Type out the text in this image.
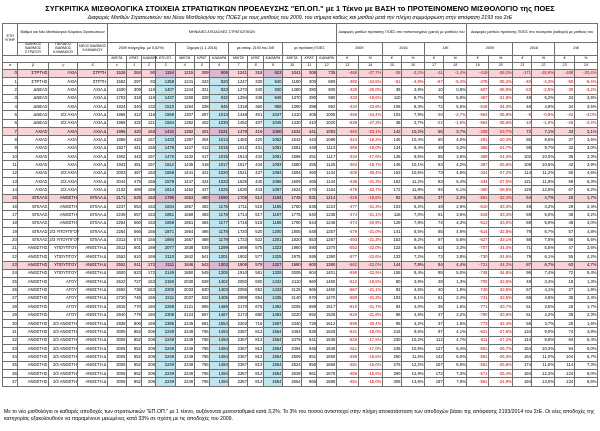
ΣΥΓΚΡΙΤΙΚΑ ΜΙΣΘΟΛΟΓΙΚΑ ΣΤΟΙΧΕΙΑ ΣΤΡΑΤΙΩΤΙΚΩΝ ΠΡΟΕΛΕΥΣΗΣ "ΕΠ.ΟΠ." με 1 Τέκνο με ΒΑΣΗ το ΠΡΟΤΕΙΝΟΜΕΝΟ ΜΙΣΘΟΛΟΓΙΟ της ΠΟΕΣ
Διαφορές Μισθών Στρατιωτικών του Νέου Μισθολογίου της ΠΟΕΣ με τους μισθούς του 2009, του σήμερα καθώς και μισθού μετά την πλήρη συμμόρφωση στην απόφαση 2193 του ΣτΕ
ΕΤΗ ΥΠΗΡ.	Βαθμοί και Νέο Μισθολογικό Κλιμάκιο Στρατιωτικών			ΜΗΝΙΑΙΕΣ ΑΠΟΔΟΧΕΣ ΣΤΡΑΤΙΩΤΙΚΩΝ													Διαφορές μισθών πρότασης ΠΟΕΣ στο πιστοποιημένο (μικτό) με μισθούς του						Διαφορές μισθών πρότασης ΠΟΕΣ στο πλοσμάτο (καθαρό) με μισθούς του					
	ΔΙΑΘΚΟΣ ΒΑΘΜΟΣ ΣΤΡΑΤΟΥ	ΠΑΛΑΙΟΣ ΒΑΘΜΟΣ ΚΛΙΜΑΚΙΟΥ	ΝΕΟΣ ΒΑΘΜΟΣ ΚΛΙΜΑΚΙΟΥ	2009 πλήρη(Ισμ. με 5,52%)				Σήμερα (1.1.2016)			με απόφ. 2193 του ΣτΕ			με πρόταση ΠΟΕΣ			2009		2016		ΣτΕ		2009		2016		ΣτΕ	
				ΜΙΚΤΑ	ΚΡΑΤ.	ΚΑΘΑΡΑ	ΕΠ.ΟΠ.	ΜΙΚΤΑ	ΚΡΑΤ.	ΚΑΘΑΡΑ	ΜΙΚΤΑ	ΚΡΑΤ.	ΚΑΘΑΡΑ	ΜΙΚΤΑ	ΚΡΑΤ.	ΚΑΘΑΡΑ	€	%	€	%	€	%	€	%	€	%	€	%
α	β	γ	δ	ε	1	2	3	4	5	6	7	8	9	10	11	12	13	14	15	16	17	18	19	20	21	22	23	24
0	ΣΤΡΤΗΣ	ΛΧΙΑ	ΣΤΡΤΗ	1526	284	90	1154	1215	309	906	1241	318	923	1041	306	735	-485	-27,7%	-25	-3,2%	-11	-1,4%	-419	-36,2%	-171	-18,9%	-188	-20,4%
1	ΣΤΡΤΗΣ	ΛΧΙΑ	ΣΤΡΤΗ	1562	297	93	1358	1241	323	920	1247	330	940	1180	300	880	-382	-24,5%	-61	-4,9%	-67	-5,4%	-478	-35,2%	-40	-4,3%	-60	-6,4%
2	ΔΝΕΑΣ	ΛΧΙΑ	ΛΧΙΑ Δ	1600	309	116	1407	1244	321	923	1270	340	930	1280	380	900	-320	-20,0%	36	2,9%	10	0,8%	-507	-36,0%	-23	-2,5%	-30	-3,2%
3	ΔΝΕΑΣ	ΛΧΙΑ	ΛΧΙΑ Δ	1703	318	116	1437	1260	328	932	1294	348	946	1370	390	980	-333	-19,6%	110	8,7%	76	5,9%	-457	-31,8%	48	5,2%	34	3,6%
4	ΔΝΕΑΣ	ΛΧΙΑ	ΛΧΙΑ Δ	1824	340	132	1510	1284	338	946	1318	360	958	1390	398	992	-434	-23,8%	106	8,3%	72	5,5%	-518	-34,3%	46	4,9%	34	3,5%
5	ΔΝΕΑΣ	2/3 ΑΧΙΑ	ΛΧΙΑ Δ	1866	412	116	1569	1307	397	1013	1448	401	1047	1410	405	1005	-456	-24,4%	103	7,9%	-38	-2,7%	-564	-35,9%	-8	-0,8%	-42	-4,0%
6	ΔΝΕΑΣ	2/3 ΑΧΙΑ	ΛΧΙΑ Δ	1968	432	121	1584	1392	402	1030	1452	407	1045	1430	410	1020	-538	-27,3%	38	2,7%	-22	-1,5%	-564	-35,6%	-10	-1,0%	-25	-2,4%
7	ΛΧΙΑΣ	ΛΧΙΑ	ΛΧΙΑ Δ	1996	420	163	1432	1392	401	1021	1479	419	1060	1534	441	1093	-462	-23,1%	142	10,2%	55	3,7%	-339	-23,7%	72	7,1%	33	3,1%
8	ΛΧΙΑΣ	ΑΧΙΑ	ΛΧΙΑ Δ	1886	433	167	1433	1397	404	1013	1482	420	1062	1542	443	1099	-344	-18,2%	145	10,4%	60	4,0%	-291	-20,3%	86	8,5%	37	3,5%
9	ΛΧΙΑΣ	ΑΧΙΑ	ΛΧΙΑ Δ	1927	441	155	1479	1427	412	1015	1512	431	1081	1561	448	1113	-366	-19,0%	134	9,4%	49	3,2%	-366	-24,7%	98	9,7%	32	3,0%
10	ΛΧΙΑΣ	ΑΧΙΑ	ΛΧΙΑ Δ	1902	443	157	1476	1432	417	1015	1513	432	1081	1568	451	1117	-334	-17,6%	136	9,5%	55	3,6%	-359	-24,3%	102	10,0%	36	3,3%
11	ΛΧΙΑΣ	ΑΧΙΑ	ΛΧΙΑ Δ	1943	451	157	1512	1435	418	1017	1517	434	1083	1580	455	1125	-363	-18,7%	145	10,1%	63	4,2%	-387	-25,6%	108	10,6%	42	3,9%
12	ΛΧΙΑΣ	2/3 ΑΧΙΑ	ΛΧΙΑ Δ	2003	467	163	1558	1441	421	1020	1521	437	1084	1594	460	1134	-409	-20,4%	153	10,6%	73	4,8%	-424	-27,2%	114	11,2%	50	4,6%
13	ΛΧΙΑΣ	2/3 ΑΧΙΑ	ΛΧΙΑ Δ	2044	475	165	1578	1447	424	1023	1526	440	1086	1609	465	1144	-435	-21,3%	162	11,2%	83	5,4%	-434	-27,5%	121	11,8%	58	5,3%
14	ΛΧΙΑΣ	2/3 ΑΧΙΑ	ΛΧΙΑ Δ	2102	489	169	1614	1452	427	1025	1530	443	1087	1624	470	1154	-478	-22,7%	172	11,8%	94	6,1%	-460	-28,5%	129	12,6%	67	6,2%
15	ΕΠΙΛΑΣ	ΑΝΘΣΤΗ	ΕΠΙΛΑ Δ	2171	529	153	1795	1653	480	1090	1708	514	1194	1745	531	1214	-426	-19,6%	92	5,6%	37	2,2%	-581	-32,4%	54	4,7%	20	1,7%
16	ΕΠΙΛΑΣ	ΑΝΘΣΤΗ	ΕΠΙΛΑ Δ	2237	554	153	1834	1657	482	1175	1711	516	1195	1760	536	1224	-477	-21,3%	103	6,2%	49	2,9%	-610	-33,3%	49	4,2%	29	2,4%
17	ΕΠΙΛΑΣ	ΑΝΘΣΤΗ	ΕΠΙΛΑ Δ	2249	557	153	1851	1659	483	1176	1714	517	1197	1775	540	1235	-474	-21,1%	116	7,0%	61	3,6%	-616	-33,3%	59	5,0%	38	3,2%
18	ΕΠΙΛΑΣ	ΑΝΘΣΤΗ	ΕΠΙΛΑ Δ	2264	560	153	1859	1661	484	1177	1716	518	1198	1790	544	1246	-474	-20,9%	129	7,8%	74	4,3%	-613	-33,0%	69	5,9%	48	4,0%
19	ΕΠΙΛΑΣ	2/3 ΥΠΟΥΠΓΟΥ	ΕΠΙΛΑ Δ	2284	566	155	1871	1664	486	1178	1720	520	1200	1805	548	1257	-479	-21,0%	141	8,5%	85	4,9%	-614	-32,8%	79	6,7%	57	4,8%
20	ΕΠΙΛΑΣ	2/3 ΥΠΟΥΠΓΟΥ	ΕΠΙΛΑ Δ	2313	574	155	1894	1667	488	1179	1723	522	1201	1820	553	1267	-493	-21,3%	153	9,2%	97	5,6%	-627	-33,1%	88	7,5%	66	5,5%
21	ΑΝΘΣΤΗΣ	ΥΠΟΥΠΓΟΥ	ΑΝΘΣΤΗ Δ	2512	601	169	2077	1838	539	1299	1898	575	1323	1960	590	1370	-552	-22,0%	122	6,6%	62	3,3%	-707	-34,0%	71	5,5%	47	3,6%
22	ΑΝΘΣΤΗΣ	ΥΠΟΥΠΓΟΥ	ΑΝΘΣΤΗ Δ	2552	610	169	2110	1842	541	1301	1902	577	1325	1975	595	1380	-577	-22,6%	133	7,2%	73	3,8%	-730	-34,6%	79	6,1%	55	4,2%
23	ΑΝΘΣΤΗΣ	ΥΠΟΥΠΓΟΥ	ΑΝΘΣΤΗ Δ	2552	611	172	2111	1846	543	1303	1906	579	1327	1990	600	1390	-562	-22,0%	144	7,8%	84	4,4%	-721	-34,2%	87	6,7%	63	4,7%
24	ΑΝΘΣΤΗΣ	ΥΠΟΥΠΓΟΥ	ΑΝΘΣΤΗ Δ	2600	623	172	2149	1850	545	1305	1910	581	1329	2005	604	1401	-595	-22,9%	155	8,4%	95	5,0%	-748	-34,8%	96	7,4%	72	5,4%
25	ΑΝΘΣΤΗΣ	ΑΓΟΥ	ΑΝΘΣΤΗ Δ	2622	727	153	2150	2030	628	1402	2082	650	1432	2110	660	1450	-512	-19,5%	80	3,9%	28	1,3%	-700	-32,6%	48	3,4%	18	1,3%
26	ΑΝΘΣΤΗΣ	ΑΓΟΥ	ΑΝΘΣΤΗ Δ	2692	738	153	2200	2033	630	1403	2085	652	1433	2125	665	1460	-567	-21,1%	92	4,5%	40	1,9%	-740	-33,6%	57	4,1%	27	1,9%
27	ΑΝΘΣΤΗΣ	ΑΓΟΥ	ΑΝΘΣΤΗ Δ	2720	746	155	2211	2037	632	1405	2089	654	1435	2140	670	1470	-580	-21,3%	103	5,1%	51	2,4%	-741	-33,5%	65	4,6%	35	2,4%
28	ΑΝΘΣΤΗΣ	ΑΓΟΥ	ΑΝΘΣΤΗ Δ	2815	770	160	2288	2121	655	1466	2170	678	1492	2205	688	1517	-610	-21,7%	84	4,0%	35	1,6%	-771	-33,7%	51	3,5%	25	1,7%
29	ΑΝΘΣΤΗΣ	ΑΓΟΥ	ΑΝΘΣΤΗ Δ	2840	779	160	2308	2124	657	1467	2173	680	1493	2220	692	1528	-620	-21,8%	96	4,5%	47	2,2%	-780	-33,8%	61	4,2%	35	2,3%
30	ΑΝΘΣΤΗΣ	2/3 ΑΝΘΣΤΗ	ΑΝΘΣΤΗ Δ	2938	806	169	2385	2245	691	1554	2303	716	1587	2340	728	1612	-598	-20,4%	95	4,2%	37	1,6%	-773	-32,4%	58	3,7%	25	1,6%
31	ΑΝΘΣΤΗΣ	2/3 ΑΝΘΣΤΗ	ΑΝΘΣΤΗ Δ	3005	852	206	2249	2249	755	1494	2367	813	1554	2464	836	1628	-541	-18,0%	215	9,6%	97	4,1%	-621	-27,6%	134	9,0%	74	4,8%
32	ΑΝΘΣΤΗΣ	2/3 ΑΝΘΣΤΗ	ΑΝΘΣΤΗ Δ	3005	852	206	2249	2249	755	1494	2367	813	1554	2479	841	1638	-526	-17,5%	230	10,2%	112	4,7%	-611	-27,2%	144	9,6%	84	5,4%
33	ΑΝΘΣΤΗΣ	2/3 ΑΝΘΣΤΗ	ΑΝΘΣΤΗ Δ	3005	852	206	2249	2249	755	1494	2367	813	1554	2494	846	1648	-511	-17,0%	245	10,9%	127	5,4%	-601	-26,7%	154	10,3%	94	6,0%
34	ΑΝΘΣΤΗΣ	2/3 ΑΝΘΣΤΗ	ΑΝΘΣΤΗ Δ	3005	852	206	2249	2249	755	1494	2367	813	1554	2509	851	1658	-496	-16,5%	260	11,6%	142	6,0%	-591	-26,3%	164	11,0%	104	6,7%
35	ΑΝΘΣΤΗΣ	2/3 ΑΝΘΣΤΗ	ΑΝΘΣΤΗ Δ	3005	852	206	2249	2249	755	1494	2367	813	1554	2524	856	1668	-481	-16,0%	275	12,2%	157	6,6%	-581	-25,8%	174	11,6%	114	7,3%
36	ΑΝΘΣΤΗΣ	2/3 ΑΝΘΣΤΗ	ΑΝΘΣΤΗ Δ	3005	852	206	2249	2249	755	1494	2367	813	1554	2539	861	1678	-466	-15,5%	290	12,9%	172	7,3%	-571	-25,4%	184	12,3%	124	8,0%
37	ΑΝΘΣΤΗΣ	2/3 ΑΝΘΣΤΗ	ΑΝΘΣΤΗ Δ	3005	852	206	2249	2249	755	1494	2367	813	1554	2554	866	1688	-451	-15,0%	305	13,6%	187	7,9%	-561	-24,9%	194	13,0%	134	8,6%
Με το νέο μισθολόγιο οι καθαρές αποδοχές των στρατιωτικών "ΕΠ.ΟΠ." με 1 τέκνο, αυξάνονται μεσοσταθμικά κατά 3,2%. Το 3% του ποσού αντιστοιχεί στην πλήρη αποκατάσταση των αποδοχών βάσει της απόφασης 2193/2014 του ΣτΕ. Οι νέες αποδοχές της κατηγορίας εξακολουθούν να παραμένουν μειωμένες κατά 33% σε σχέση με τις αποδοχές του 2009.
